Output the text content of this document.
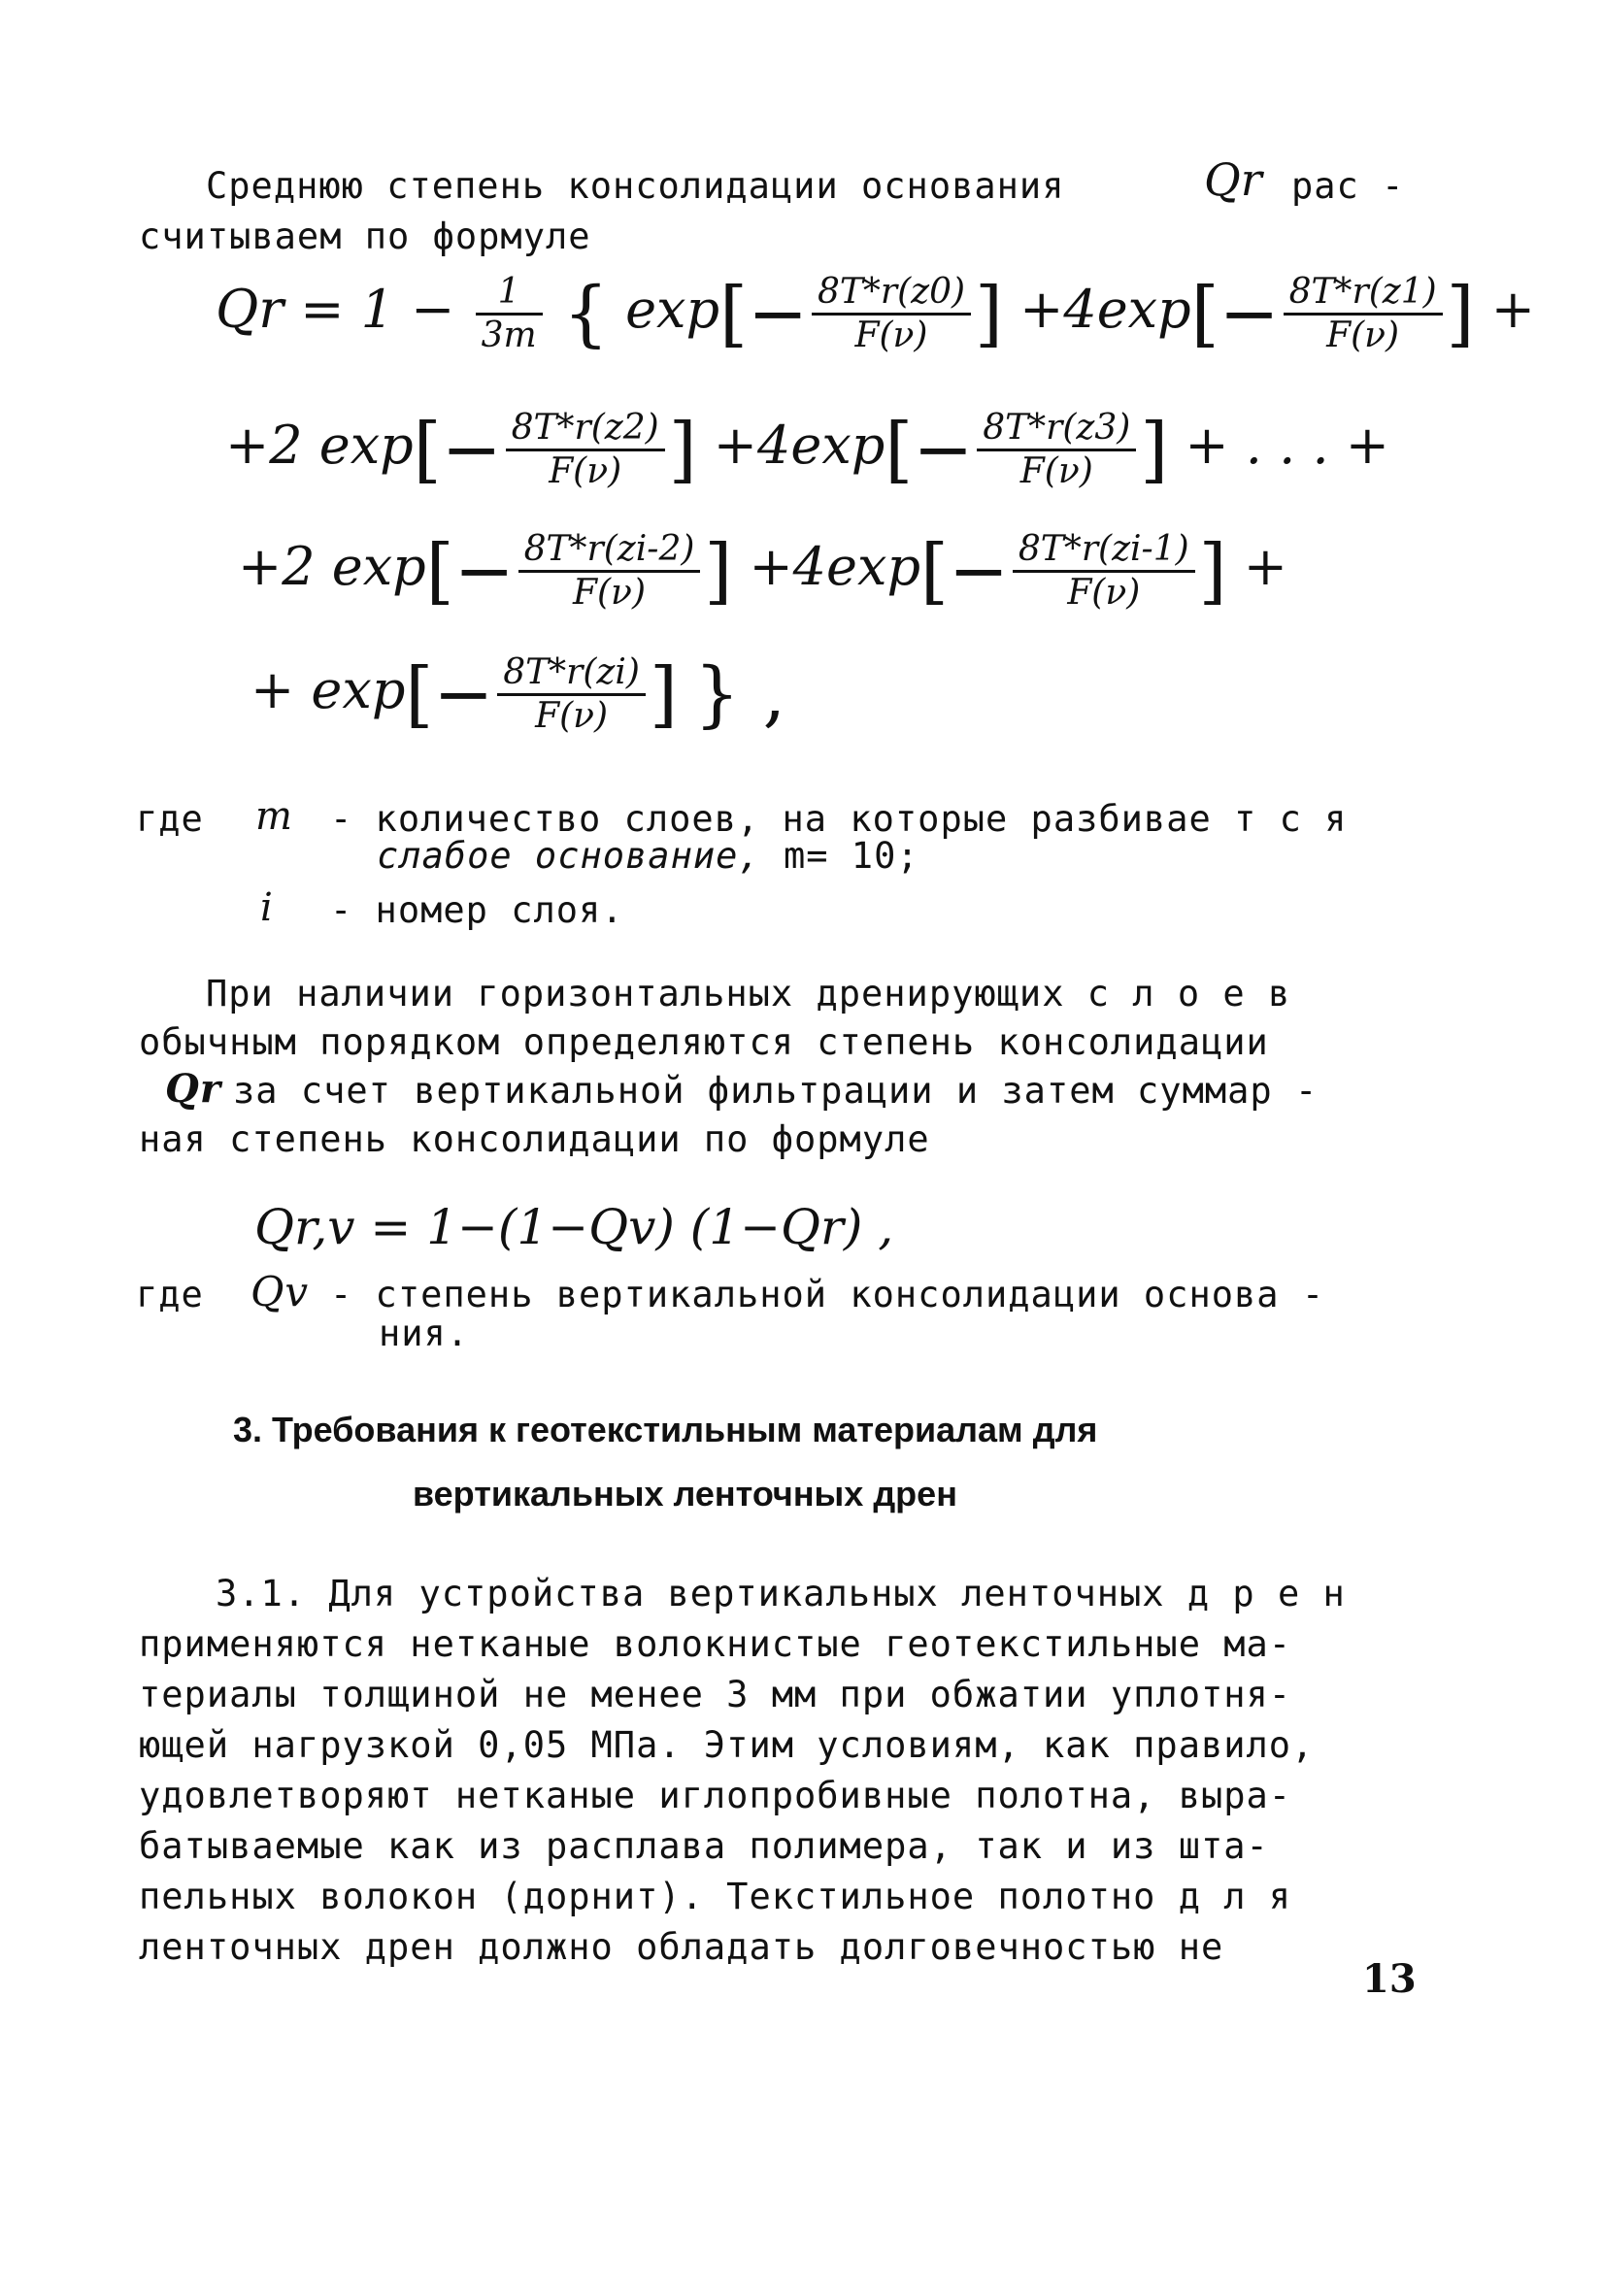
Среднюю степень консолидации основания	Qr рас -
считываем по формуле
$Qr = 1 - \frac{1}{3m}$ { $\exp[- \frac{8T*r(z0)}{F(\nu)}$ ] $+4\exp[- \frac{8T*r(z1)}{F(\nu)}$ ] +
+2 $\exp[- \frac{8T*r(z2)}{F(\nu)}$ ] $+4\exp[- \frac{8T*r(z3)}{F(\nu)}$ ] + . . . +
+2 $\exp[- \frac{8T*r(zi-2)}{F(\nu)}$ ] $+4\exp[- \frac{8T*r(zi-1)}{F(\nu)}$ ] +
+ $\exp[- \frac{8T*r(zi)}{F(\nu)}$ ] } ,
где m - количество слоев, на которые разбивае т с я
слабое основание, m= 10;
i - номер слоя.
При наличии горизонтальных дренирующих с л о е в
обычным порядком определяются степень консолидации
Qr за счет вертикальной фильтрации и затем суммар -
ная степень консолидации по формуле
Qr,v = 1−(1−Qv) (1−Qr) ,
где Qv - степень вертикальной консолидации основа -
ния.
3. Требования к геотекстильным материалам для
вертикальных ленточных дрен
3.1. Для устройства вертикальных ленточных д р е н
применяются нетканые волокнистые геотекстильные ма-
териалы толщиной не менее 3 мм при обжатии уплотня-
ющей нагрузкой 0,05 МПа. Этим условиям, как правило,
удовлетворяют нетканые иглопробивные полотна, выра-
батываемые как из расплава полимера, так и из шта-
пельных волокон (дорнит). Текстильное полотно д л я
ленточных дрен должно обладать долговечностью не
13
